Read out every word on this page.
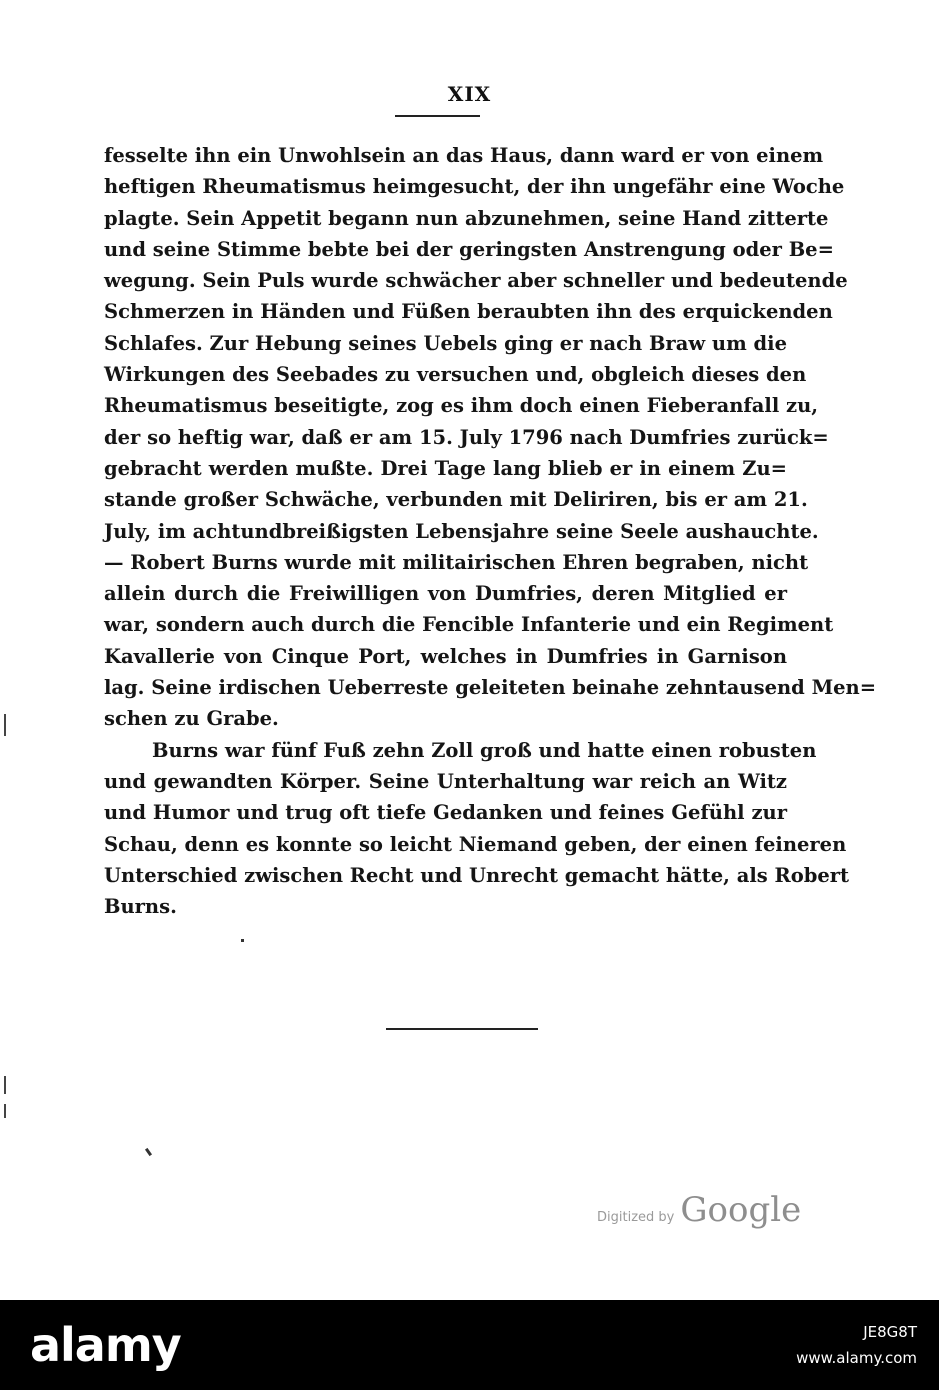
XIX
fesselte ihn ein Unwohlsein an das Haus, dann ward er von einem
heftigen Rheumatismus heimgesucht, der ihn ungefähr eine Woche
plagte. Sein Appetit begann nun abzunehmen, seine Hand zitterte
und seine Stimme bebte bei der geringsten Anstrengung oder Be=
wegung. Sein Puls wurde schwächer aber schneller und bedeutende
Schmerzen in Händen und Füßen beraubten ihn des erquickenden
Schlafes. Zur Hebung seines Uebels ging er nach Braw um die
Wirkungen des Seebades zu versuchen und, obgleich dieses den
Rheumatismus beseitigte, zog es ihm doch einen Fieberanfall zu,
der so heftig war, daß er am 15. July 1796 nach Dumfries zurück=
gebracht werden mußte. Drei Tage lang blieb er in einem Zu=
stande großer Schwäche, verbunden mit Deliriren, bis er am 21.
July, im achtundbreißigsten Lebensjahre seine Seele aushauchte.
— Robert Burns wurde mit militairischen Ehren begraben, nicht
allein durch die Freiwilligen von Dumfries, deren Mitglied er
war, sondern auch durch die Fencible Infanterie und ein Regiment
Kavallerie von Cinque Port, welches in Dumfries in Garnison
lag. Seine irdischen Ueberreste geleiteten beinahe zehntausend Men=
schen zu Grabe.
Burns war fünf Fuß zehn Zoll groß und hatte einen robusten
und gewandten Körper. Seine Unterhaltung war reich an Witz
und Humor und trug oft tiefe Gedanken und feines Gefühl zur
Schau, denn es konnte so leicht Niemand geben, der einen feineren
Unterschied zwischen Recht und Unrecht gemacht hätte, als Robert
Burns.
Digitized by Google
alamy	JE8G8T
www.alamy.com
